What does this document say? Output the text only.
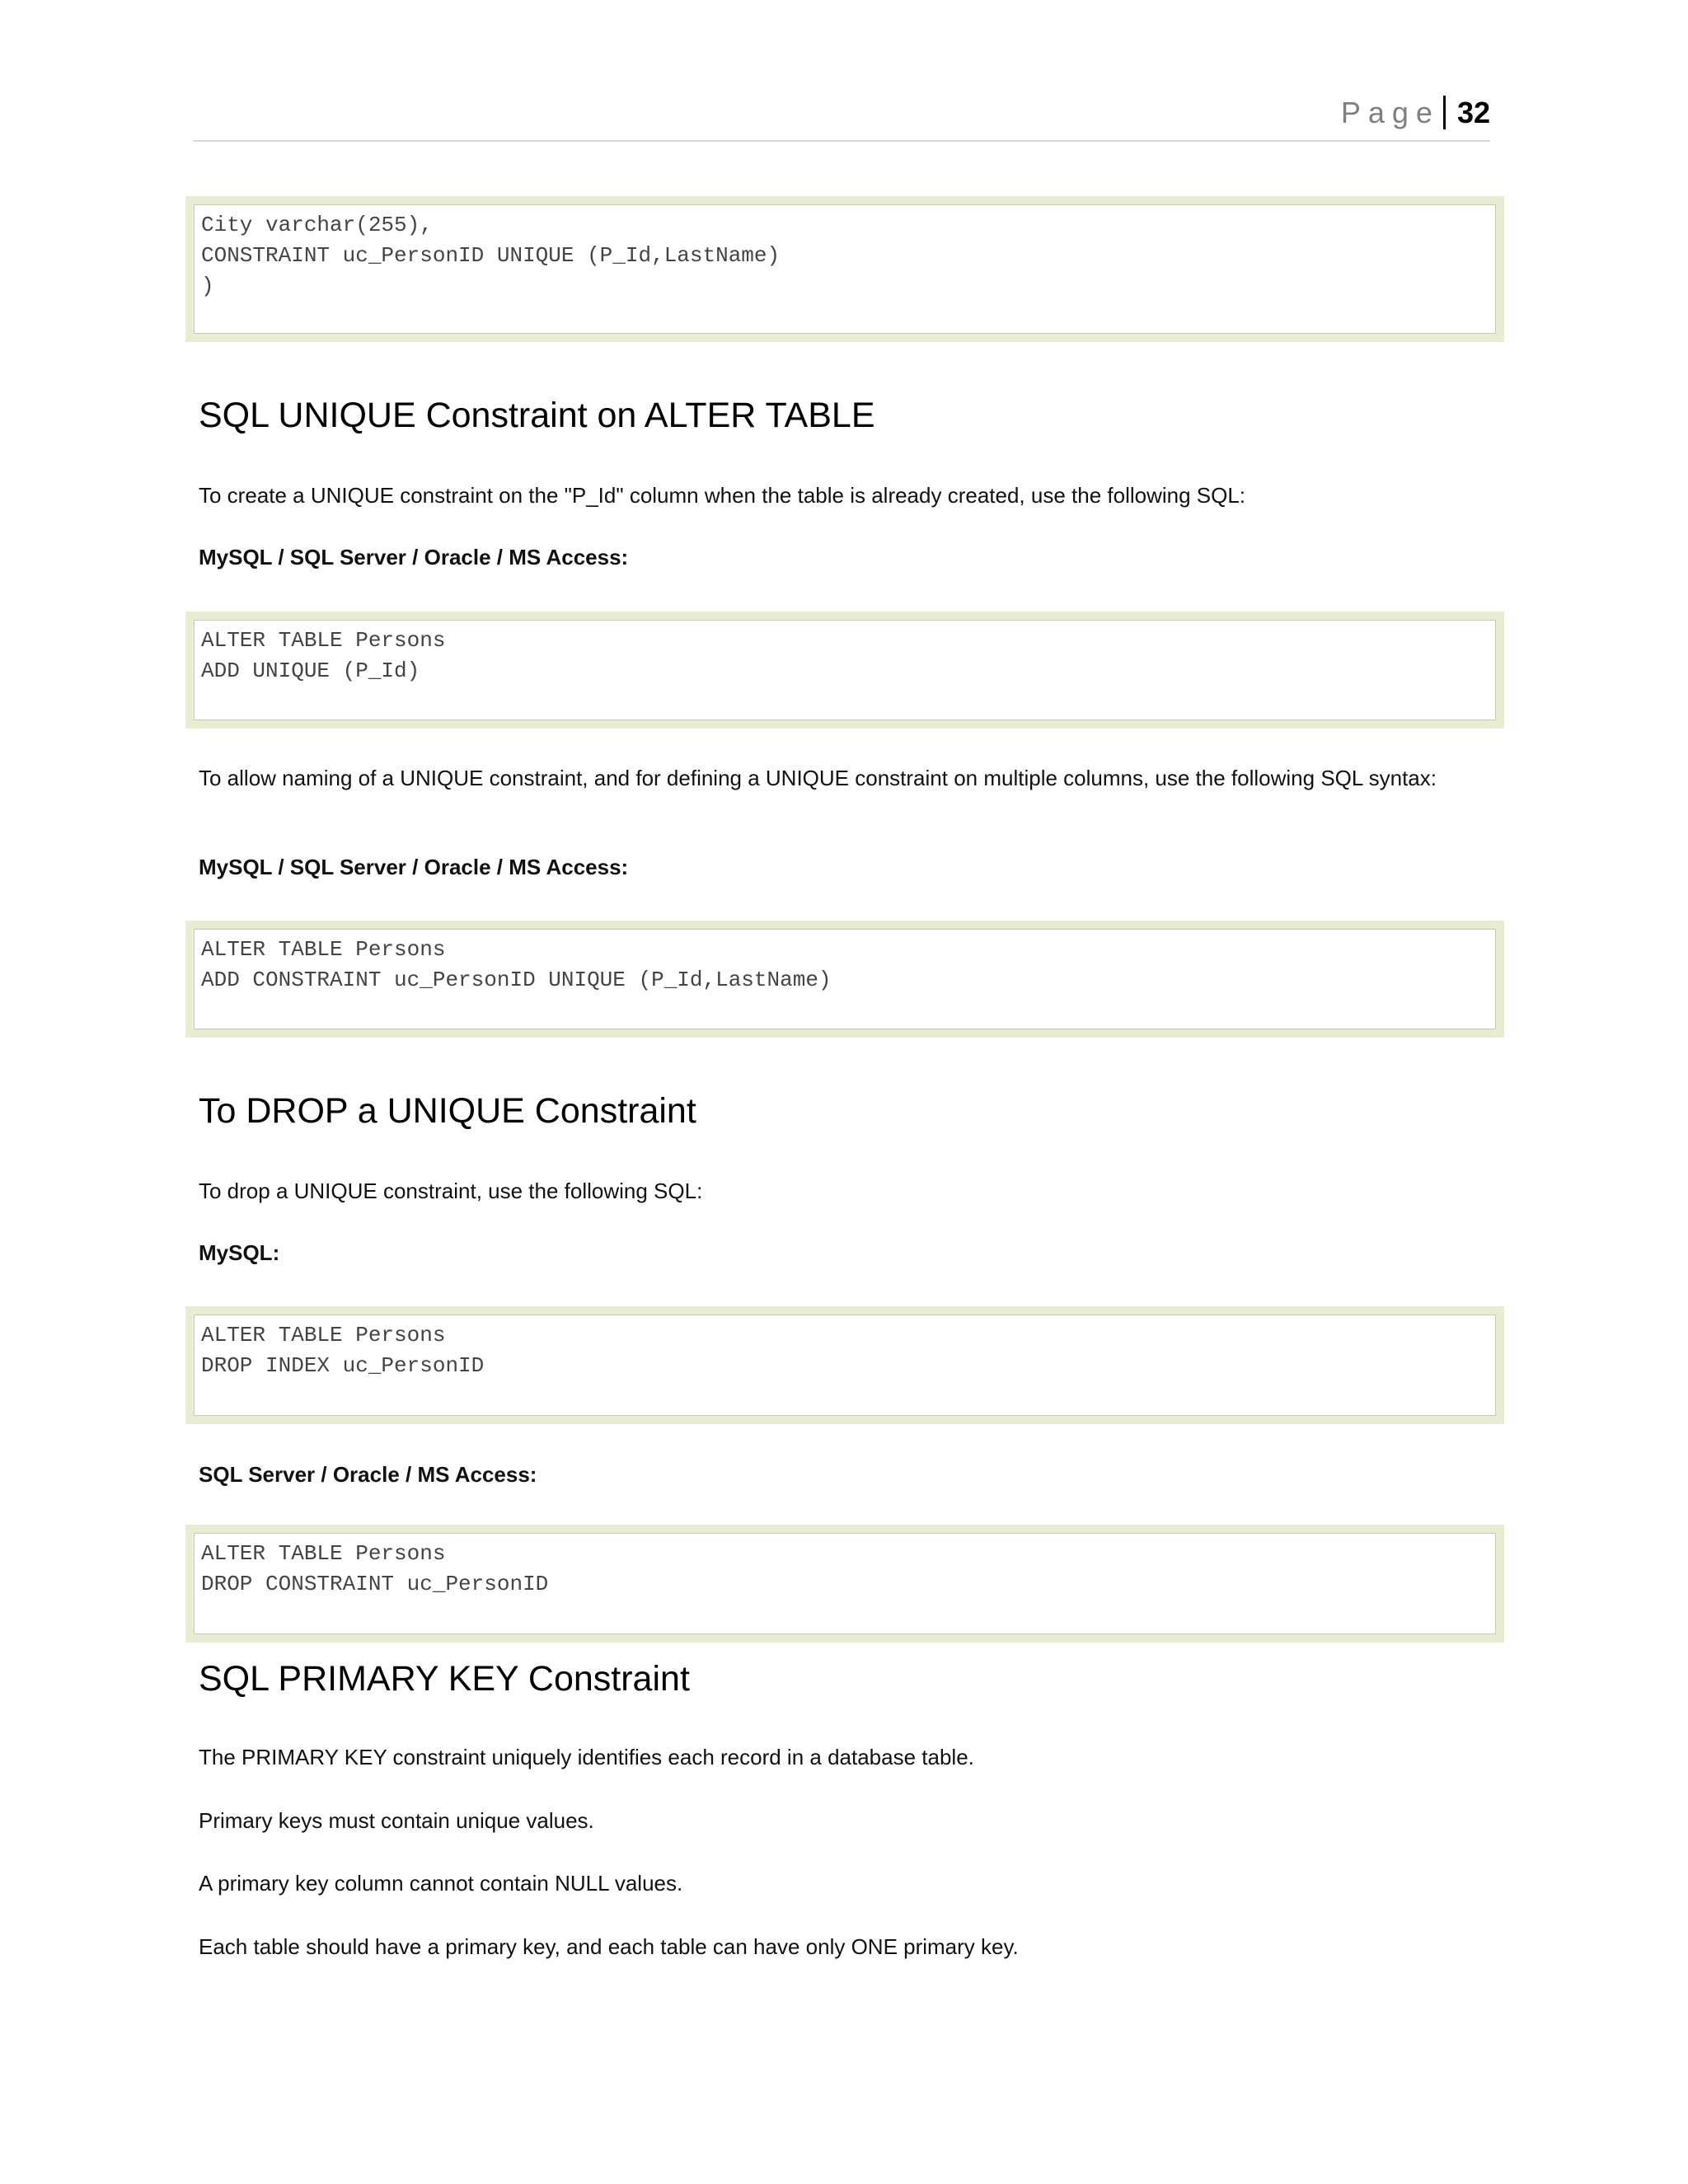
Page 32
City varchar(255),
CONSTRAINT uc_PersonID UNIQUE (P_Id,LastName)
)
SQL UNIQUE Constraint on ALTER TABLE
To create a UNIQUE constraint on the "P_Id" column when the table is already created, use the following SQL:
MySQL / SQL Server / Oracle / MS Access:
ALTER TABLE Persons
ADD UNIQUE (P_Id)
To allow naming of a UNIQUE constraint, and for defining a UNIQUE constraint on multiple columns, use the following SQL syntax:
MySQL / SQL Server / Oracle / MS Access:
ALTER TABLE Persons
ADD CONSTRAINT uc_PersonID UNIQUE (P_Id,LastName)
To DROP a UNIQUE Constraint
To drop a UNIQUE constraint, use the following SQL:
MySQL:
ALTER TABLE Persons
DROP INDEX uc_PersonID
SQL Server / Oracle / MS Access:
ALTER TABLE Persons
DROP CONSTRAINT uc_PersonID
SQL PRIMARY KEY Constraint
The PRIMARY KEY constraint uniquely identifies each record in a database table.
Primary keys must contain unique values.
A primary key column cannot contain NULL values.
Each table should have a primary key, and each table can have only ONE primary key.
